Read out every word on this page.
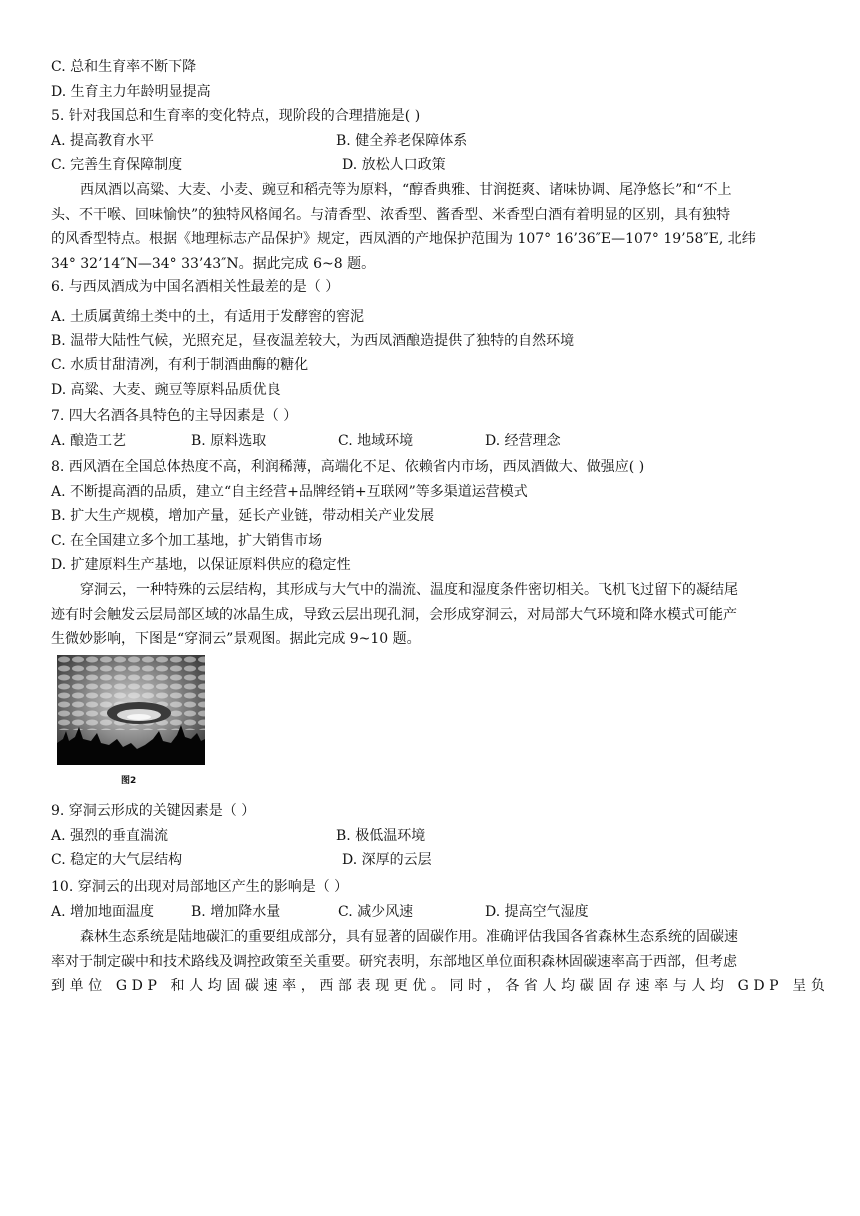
C. 总和生育率不断下降
D. 生育主力年龄明显提高
5. 针对我国总和生育率的变化特点，现阶段的合理措施是( )
A. 提高教育水平	B. 健全养老保障体系
C. 完善生育保障制度	D. 放松人口政策
西凤酒以高粱、大麦、小麦、豌豆和稻壳等为原料，“醇香典雅、甘润挺爽、诸味协调、尾净悠长”和“不上
头、不干喉、回味愉快”的独特风格闻名。与清香型、浓香型、酱香型、米香型白酒有着明显的区别，具有独特
的风香型特点。根据《地理标志产品保护》规定，西凤酒的产地保护范围为 107° 16’36″E—107° 19’58″E, 北纬
34° 32’14″N—34° 33’43″N。据此完成 6~8 题。
6. 与西凤酒成为中国名酒相关性最差的是（ ）
A. 土质属黄绵土类中的土，有适用于发酵窖的窖泥
B. 温带大陆性气候，光照充足，昼夜温差较大，为西凤酒酿造提供了独特的自然环境
C. 水质甘甜清冽，有利于制酒曲酶的糖化
D. 高粱、大麦、豌豆等原料品质优良
7. 四大名酒各具特色的主导因素是（ ）
A. 酿造工艺	B. 原料选取	C. 地域环境	D. 经营理念
8. 西风酒在全国总体热度不高，利润稀薄，高端化不足、依赖省内市场，西凤酒做大、做强应( )
A. 不断提高酒的品质，建立“自主经营+品牌经销+互联网”等多渠道运营模式
B. 扩大生产规模，增加产量，延长产业链，带动相关产业发展
C. 在全国建立多个加工基地，扩大销售市场
D. 扩建原料生产基地，以保证原料供应的稳定性
穿洞云，一种特殊的云层结构，其形成与大气中的湍流、温度和湿度条件密切相关。飞机飞过留下的凝结尾
迹有时会触发云层局部区域的冰晶生成，导致云层出现孔洞，会形成穿洞云，对局部大气环境和降水模式可能产
生微妙影响，下图是“穿洞云”景观图。据此完成 9~10 题。
图2
9. 穿洞云形成的关键因素是（ ）
A. 强烈的垂直湍流	B. 极低温环境
C. 稳定的大气层结构	D. 深厚的云层
10. 穿洞云的出现对局部地区产生的影响是（ ）
A. 增加地面温度	B. 增加降水量	C. 减少风速	D. 提高空气湿度
森林生态系统是陆地碳汇的重要组成部分，具有显著的固碳作用。准确评估我国各省森林生态系统的固碳速
率对于制定碳中和技术路线及调控政策至关重要。研究表明，东部地区单位面积森林固碳速率高于西部，但考虑
到单位 GDP 和人均固碳速率，西部表现更优。同时，各省人均碳固存速率与人均 GDP 呈负
